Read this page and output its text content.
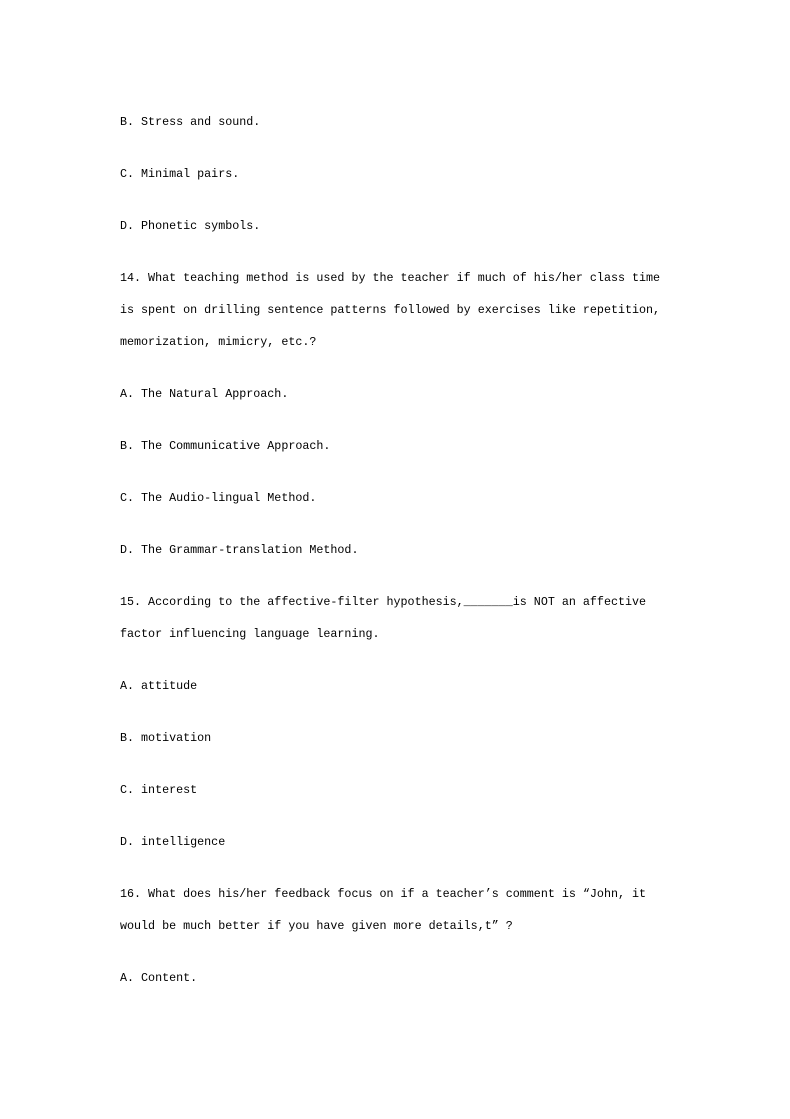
B. Stress and sound.
C. Minimal pairs.
D. Phonetic symbols.
14. What teaching method is used by the teacher if much of his/her class time
is spent on drilling sentence patterns followed by exercises like repetition,
memorization, mimicry, etc.?
A. The Natural Approach.
B. The Communicative Approach.
C. The Audio-lingual Method.
D. The Grammar-translation Method.
15. According to the affective-filter hypothesis,_______is NOT an affective
factor influencing language learning.
A. attitude
B. motivation
C. interest
D. intelligence
16. What does his/her feedback focus on if a teacher’s comment is “John, it
would be much better if you have given more details,t” ?
A. Content.
